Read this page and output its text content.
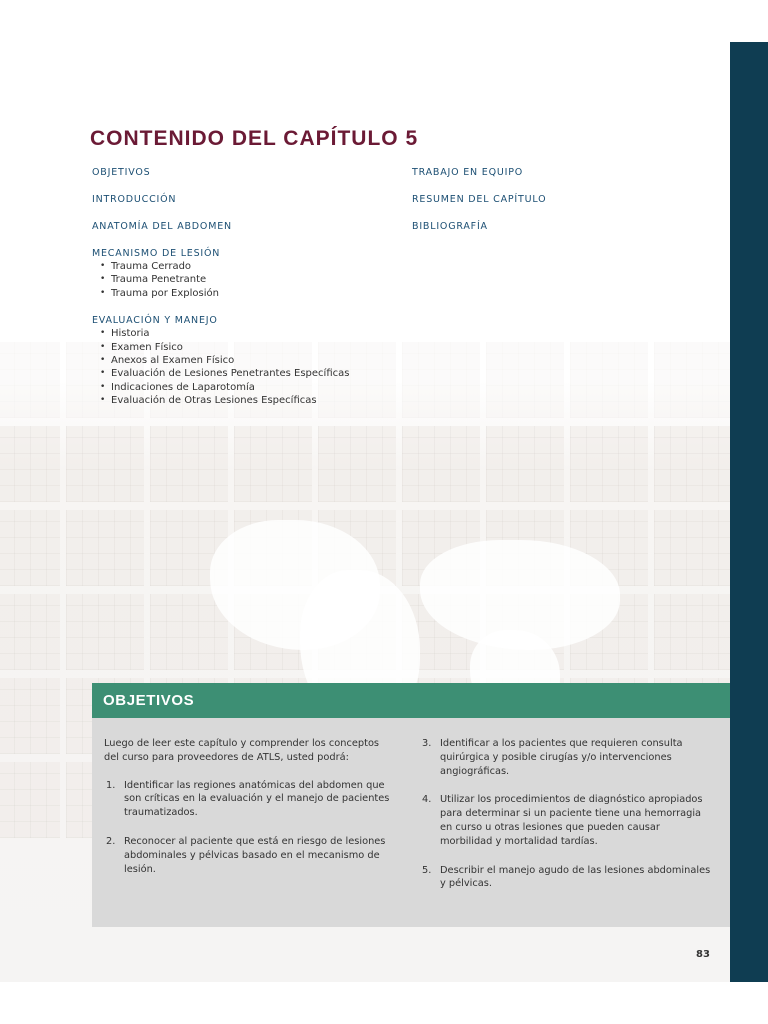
CONTENIDO DEL CAPÍTULO 5
OBJETIVOS
INTRODUCCIÓN
ANATOMÍA DEL ABDOMEN
MECANISMO DE LESIÓN
• Trauma Cerrado
• Trauma Penetrante
• Trauma por Explosión
EVALUACIÓN Y MANEJO
• Historia
• Examen Físico
• Anexos al Examen Físico
• Evaluación de Lesiones Penetrantes Específicas
• Indicaciones de Laparotomía
• Evaluación de Otras Lesiones Específicas
TRABAJO EN EQUIPO
RESUMEN DEL CAPÍTULO
BIBLIOGRAFÍA
OBJETIVOS

Luego de leer este capítulo y comprender los conceptos del curso para proveedores de ATLS, usted podrá:

1. Identificar las regiones anatómicas del abdomen que son críticas en la evaluación y el manejo de pacientes traumatizados.
2. Reconocer al paciente que está en riesgo de lesiones abdominales y pélvicas basado en el mecanismo de lesión.
3. Identificar a los pacientes que requieren consulta quirúrgica y posible cirugías y/o intervenciones angiográficas.
4. Utilizar los procedimientos de diagnóstico apropiados para determinar si un paciente tiene una hemorragia en curso u otras lesiones que pueden causar morbilidad y mortalidad tardías.
5. Describir el manejo agudo de las lesiones abdominales y pélvicas.
83
